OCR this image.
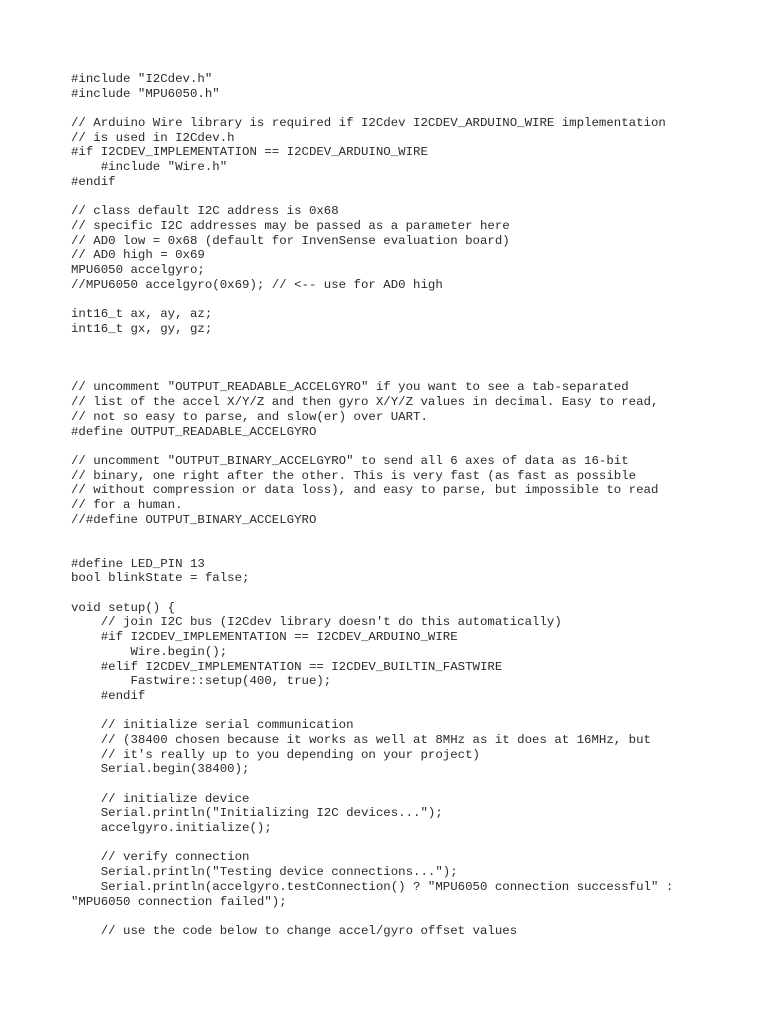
#include "I2Cdev.h"
#include "MPU6050.h"
// Arduino Wire library is required if I2Cdev I2CDEV_ARDUINO_WIRE implementation
// is used in I2Cdev.h
#if I2CDEV_IMPLEMENTATION == I2CDEV_ARDUINO_WIRE
#include "Wire.h"
#endif
// class default I2C address is 0x68
// specific I2C addresses may be passed as a parameter here
// AD0 low = 0x68 (default for InvenSense evaluation board)
// AD0 high = 0x69
MPU6050 accelgyro;
//MPU6050 accelgyro(0x69); // <-- use for AD0 high
int16_t ax, ay, az;
int16_t gx, gy, gz;
// uncomment "OUTPUT_READABLE_ACCELGYRO" if you want to see a tab-separated
// list of the accel X/Y/Z and then gyro X/Y/Z values in decimal. Easy to read,
// not so easy to parse, and slow(er) over UART.
#define OUTPUT_READABLE_ACCELGYRO
// uncomment "OUTPUT_BINARY_ACCELGYRO" to send all 6 axes of data as 16-bit
// binary, one right after the other. This is very fast (as fast as possible
// without compression or data loss), and easy to parse, but impossible to read
// for a human.
//#define OUTPUT_BINARY_ACCELGYRO
#define LED_PIN 13
bool blinkState = false;
void setup() {
// join I2C bus (I2Cdev library doesn't do this automatically)
#if I2CDEV_IMPLEMENTATION == I2CDEV_ARDUINO_WIRE
Wire.begin();
#elif I2CDEV_IMPLEMENTATION == I2CDEV_BUILTIN_FASTWIRE
Fastwire::setup(400, true);
#endif
// initialize serial communication
// (38400 chosen because it works as well at 8MHz as it does at 16MHz, but
// it's really up to you depending on your project)
Serial.begin(38400);
// initialize device
Serial.println("Initializing I2C devices...");
accelgyro.initialize();
// verify connection
Serial.println("Testing device connections...");
Serial.println(accelgyro.testConnection() ? "MPU6050 connection successful" :
"MPU6050 connection failed");
// use the code below to change accel/gyro offset values
